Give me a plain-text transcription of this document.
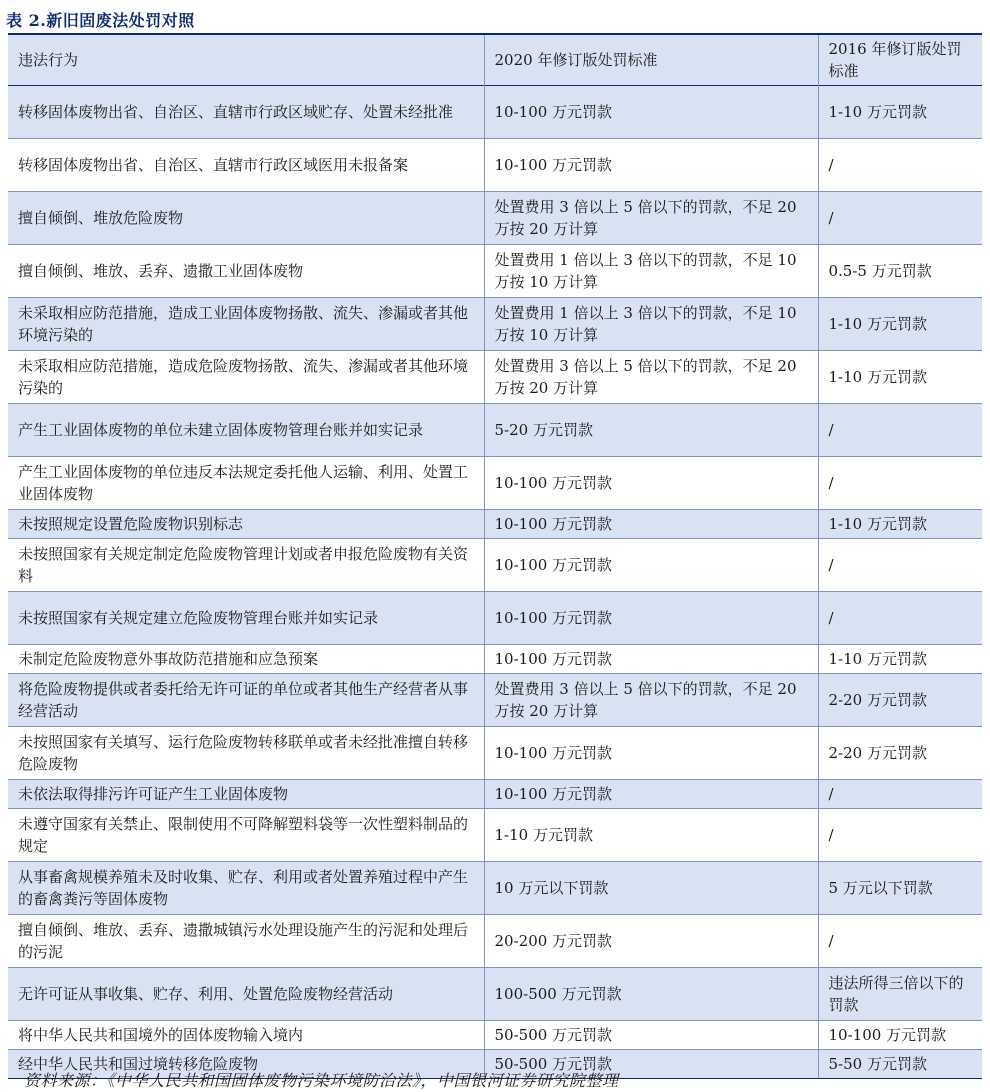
表 2.新旧固废法处罚对照
违法行为	2020 年修订版处罚标准	2016 年修订版处罚标准
转移固体废物出省、自治区、直辖市行政区域贮存、处置未经批准	10-100 万元罚款	1-10 万元罚款
转移固体废物出省、自治区、直辖市行政区域医用未报备案	10-100 万元罚款	/
擅自倾倒、堆放危险废物	处置费用 3 倍以上 5 倍以下的罚款，不足 20 万按 20 万计算	/
擅自倾倒、堆放、丢弃、遗撒工业固体废物	处置费用 1 倍以上 3 倍以下的罚款，不足 10 万按 10 万计算	0.5-5 万元罚款
未采取相应防范措施，造成工业固体废物扬散、流失、渗漏或者其他环境污染的	处置费用 1 倍以上 3 倍以下的罚款，不足 10 万按 10 万计算	1-10 万元罚款
未采取相应防范措施，造成危险废物扬散、流失、渗漏或者其他环境污染的	处置费用 3 倍以上 5 倍以下的罚款，不足 20 万按 20 万计算	1-10 万元罚款
产生工业固体废物的单位未建立固体废物管理台账并如实记录	5-20 万元罚款	/
产生工业固体废物的单位违反本法规定委托他人运输、利用、处置工业固体废物	10-100 万元罚款	/
未按照规定设置危险废物识别标志	10-100 万元罚款	1-10 万元罚款
未按照国家有关规定制定危险废物管理计划或者申报危险废物有关资料	10-100 万元罚款	/
未按照国家有关规定建立危险废物管理台账并如实记录	10-100 万元罚款	/
未制定危险废物意外事故防范措施和应急预案	10-100 万元罚款	1-10 万元罚款
将危险废物提供或者委托给无许可证的单位或者其他生产经营者从事经营活动	处置费用 3 倍以上 5 倍以下的罚款，不足 20 万按 20 万计算	2-20 万元罚款
未按照国家有关填写、运行危险废物转移联单或者未经批准擅自转移危险废物	10-100 万元罚款	2-20 万元罚款
未依法取得排污许可证产生工业固体废物	10-100 万元罚款	/
未遵守国家有关禁止、限制使用不可降解塑料袋等一次性塑料制品的规定	1-10 万元罚款	/
从事畜禽规模养殖未及时收集、贮存、利用或者处置养殖过程中产生的畜禽粪污等固体废物	10 万元以下罚款	5 万元以下罚款
擅自倾倒、堆放、丢弃、遗撒城镇污水处理设施产生的污泥和处理后的污泥	20-200 万元罚款	/
无许可证从事收集、贮存、利用、处置危险废物经营活动	100-500 万元罚款	违法所得三倍以下的罚款
将中华人民共和国境外的固体废物输入境内	50-500 万元罚款	10-100 万元罚款
经中华人民共和国过境转移危险废物	50-500 万元罚款	5-50 万元罚款
资料来源：《中华人民共和国固体废物污染环境防治法》，中国银河证券研究院整理
